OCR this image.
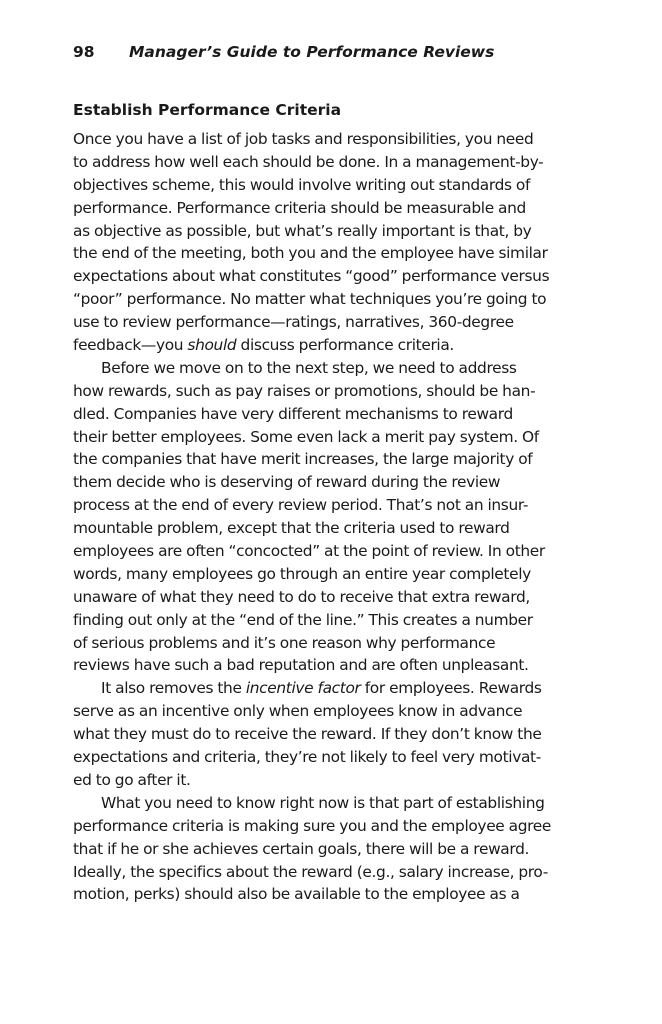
98 Manager’s Guide to Performance Reviews
Establish Performance Criteria
Once you have a list of job tasks and responsibilities, you need
to address how well each should be done. In a management-by-
objectives scheme, this would involve writing out standards of
performance. Performance criteria should be measurable and
as objective as possible, but what’s really important is that, by
the end of the meeting, both you and the employee have similar
expectations about what constitutes “good” performance versus
“poor” performance. No matter what techniques you’re going to
use to review performance—ratings, narratives, 360-degree
feedback—you should discuss performance criteria.
Before we move on to the next step, we need to address
how rewards, such as pay raises or promotions, should be han-
dled. Companies have very different mechanisms to reward
their better employees. Some even lack a merit pay system. Of
the companies that have merit increases, the large majority of
them decide who is deserving of reward during the review
process at the end of every review period. That’s not an insur-
mountable problem, except that the criteria used to reward
employees are often “concocted” at the point of review. In other
words, many employees go through an entire year completely
unaware of what they need to do to receive that extra reward,
finding out only at the “end of the line.” This creates a number
of serious problems and it’s one reason why performance
reviews have such a bad reputation and are often unpleasant.
It also removes the incentive factor for employees. Rewards
serve as an incentive only when employees know in advance
what they must do to receive the reward. If they don’t know the
expectations and criteria, they’re not likely to feel very motivat-
ed to go after it.
What you need to know right now is that part of establishing
performance criteria is making sure you and the employee agree
that if he or she achieves certain goals, there will be a reward.
Ideally, the specifics about the reward (e.g., salary increase, pro-
motion, perks) should also be available to the employee as a
